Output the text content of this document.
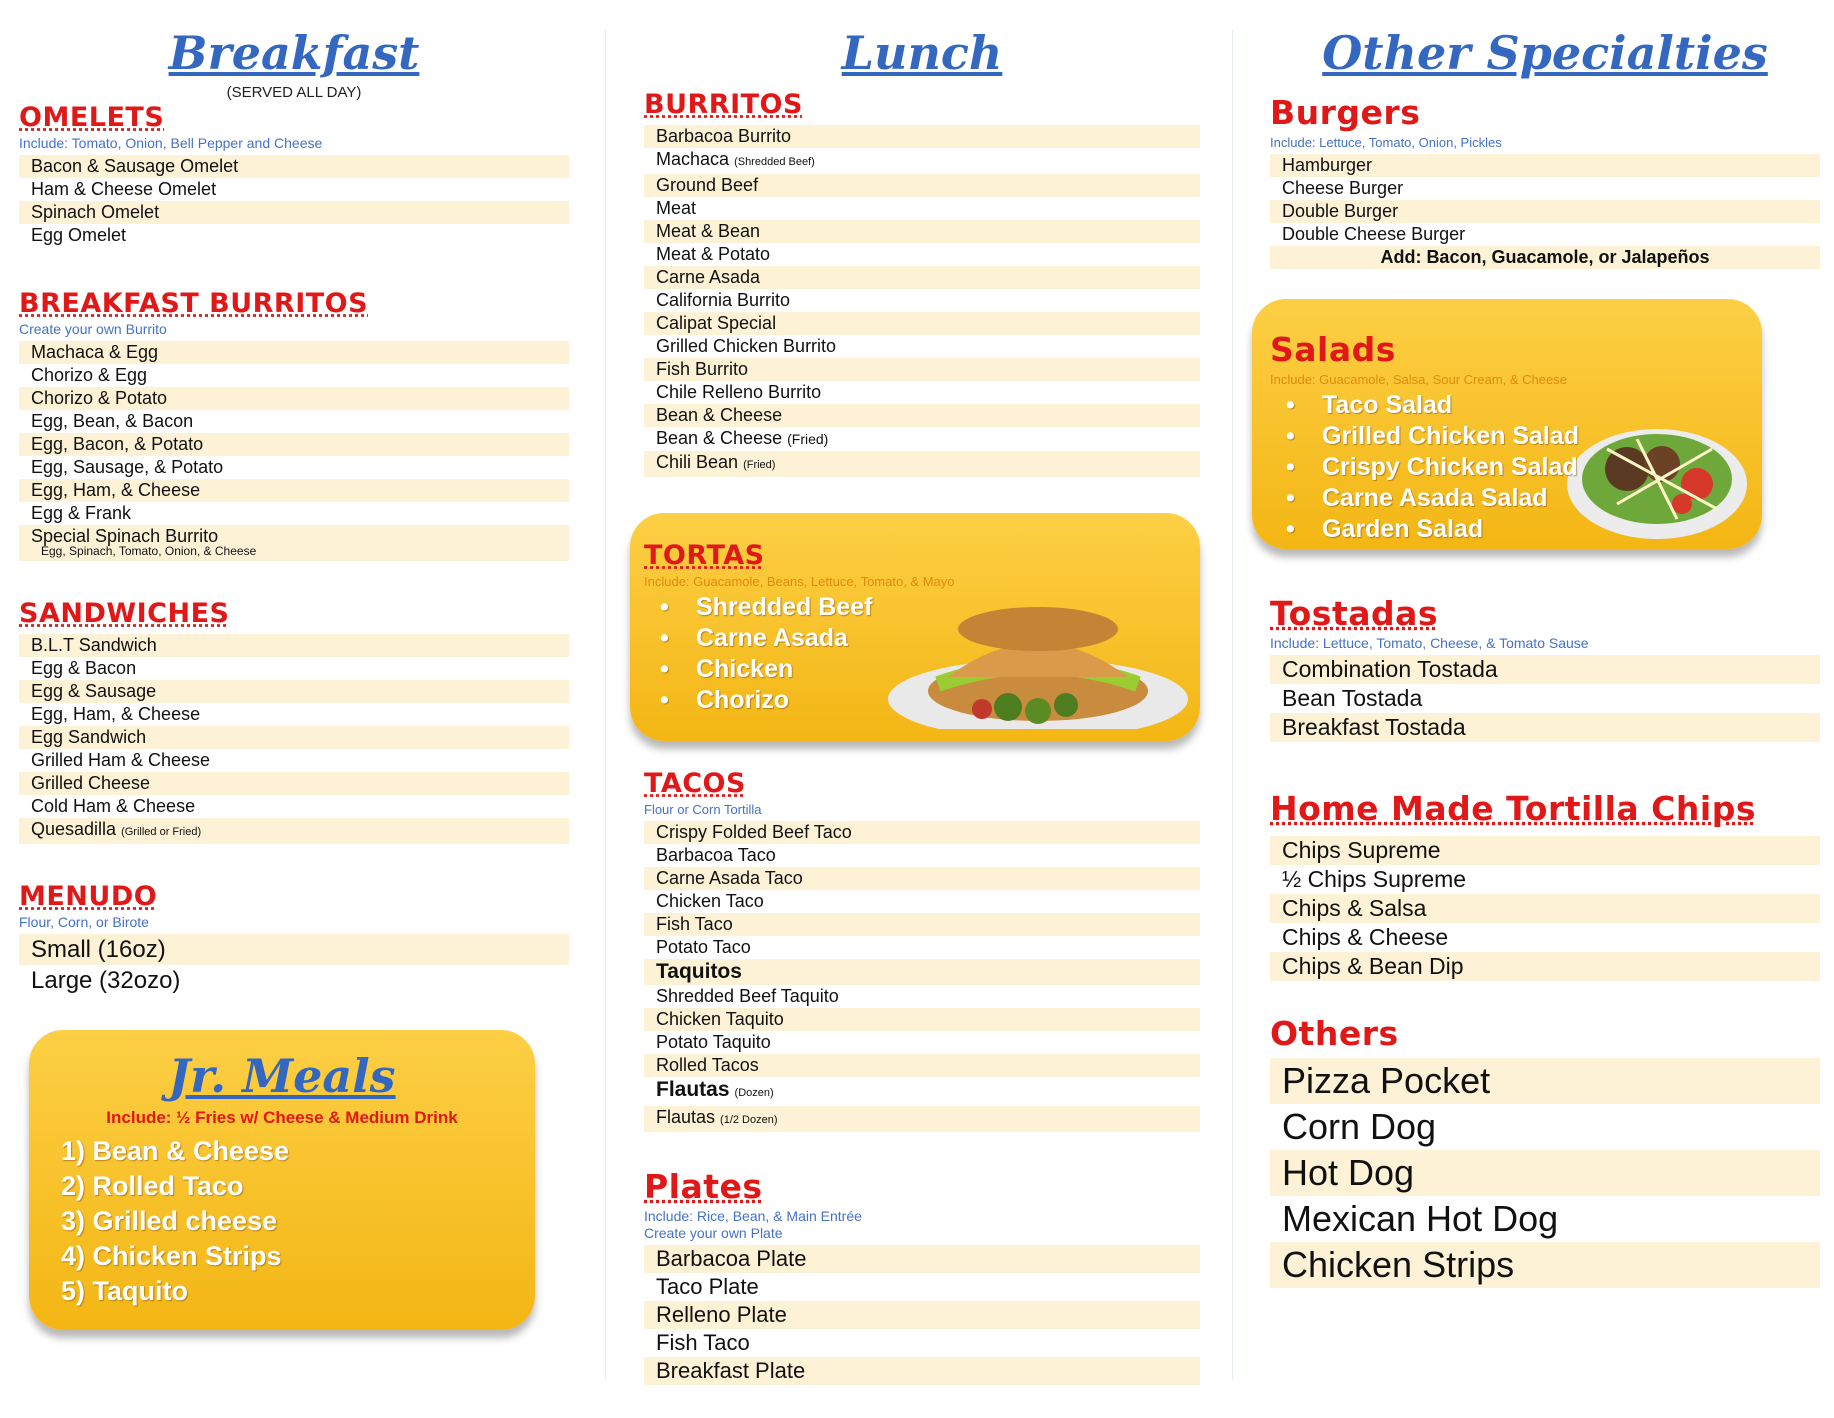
Breakfast
(SERVED ALL DAY)
OMELETS
Include: Tomato, Onion, Bell Pepper and Cheese
Bacon & Sausage Omelet
Ham & Cheese Omelet
Spinach Omelet
Egg Omelet
BREAKFAST BURRITOS
Create your own Burrito
Machaca & Egg
Chorizo & Egg
Chorizo & Potato
Egg, Bean, & Bacon
Egg, Bacon, & Potato
Egg, Sausage, & Potato
Egg, Ham, & Cheese
Egg & Frank
Special Spinach Burrito
Egg, Spinach, Tomato, Onion, & Cheese
SANDWICHES
B.L.T Sandwich
Egg & Bacon
Egg & Sausage
Egg, Ham, & Cheese
Egg Sandwich
Grilled Ham & Cheese
Grilled Cheese
Cold Ham & Cheese
Quesadilla (Grilled or Fried)
MENUDO
Flour, Corn, or Birote
Small (16oz)
Large (32ozo)
Jr. Meals
Include: ½ Fries w/ Cheese & Medium Drink
1) Bean & Cheese
2) Rolled Taco
3) Grilled cheese
4) Chicken Strips
5) Taquito
Lunch
BURRITOS
Barbacoa Burrito
Machaca (Shredded Beef)
Ground Beef
Meat
Meat & Bean
Meat & Potato
Carne Asada
California Burrito
Calipat Special
Grilled Chicken Burrito
Fish Burrito
Chile Relleno Burrito
Bean & Cheese
Bean & Cheese (Fried)
Chili Bean (Fried)
TORTAS
Include: Guacamole, Beans, Lettuce, Tomato, & Mayo
• Shredded Beef
• Carne Asada
• Chicken
• Chorizo
TACOS
Flour or Corn Tortilla
Crispy Folded Beef Taco
Barbacoa Taco
Carne Asada Taco
Chicken Taco
Fish Taco
Potato Taco
Taquitos
Shredded Beef Taquito
Chicken Taquito
Potato Taquito
Rolled Tacos
Flautas (Dozen)
Flautas (1/2 Dozen)
Plates
Include: Rice, Bean, & Main Entrée
Create your own Plate
Barbacoa Plate
Taco Plate
Relleno Plate
Fish Taco
Breakfast Plate
Other Specialties
Burgers
Include: Lettuce, Tomato, Onion, Pickles
Hamburger
Cheese Burger
Double Burger
Double Cheese Burger
Add: Bacon, Guacamole, or Jalapeños
Salads
Include: Guacamole, Salsa, Sour Cream, & Cheese
• Taco Salad
• Grilled Chicken Salad
• Crispy Chicken Salad
• Carne Asada Salad
• Garden Salad
Tostadas
Include: Lettuce, Tomato, Cheese, & Tomato Sause
Combination Tostada
Bean Tostada
Breakfast Tostada
Home Made Tortilla Chips
Chips Supreme
½ Chips Supreme
Chips & Salsa
Chips & Cheese
Chips & Bean Dip
Others
Pizza Pocket
Corn Dog
Hot Dog
Mexican Hot Dog
Chicken Strips
